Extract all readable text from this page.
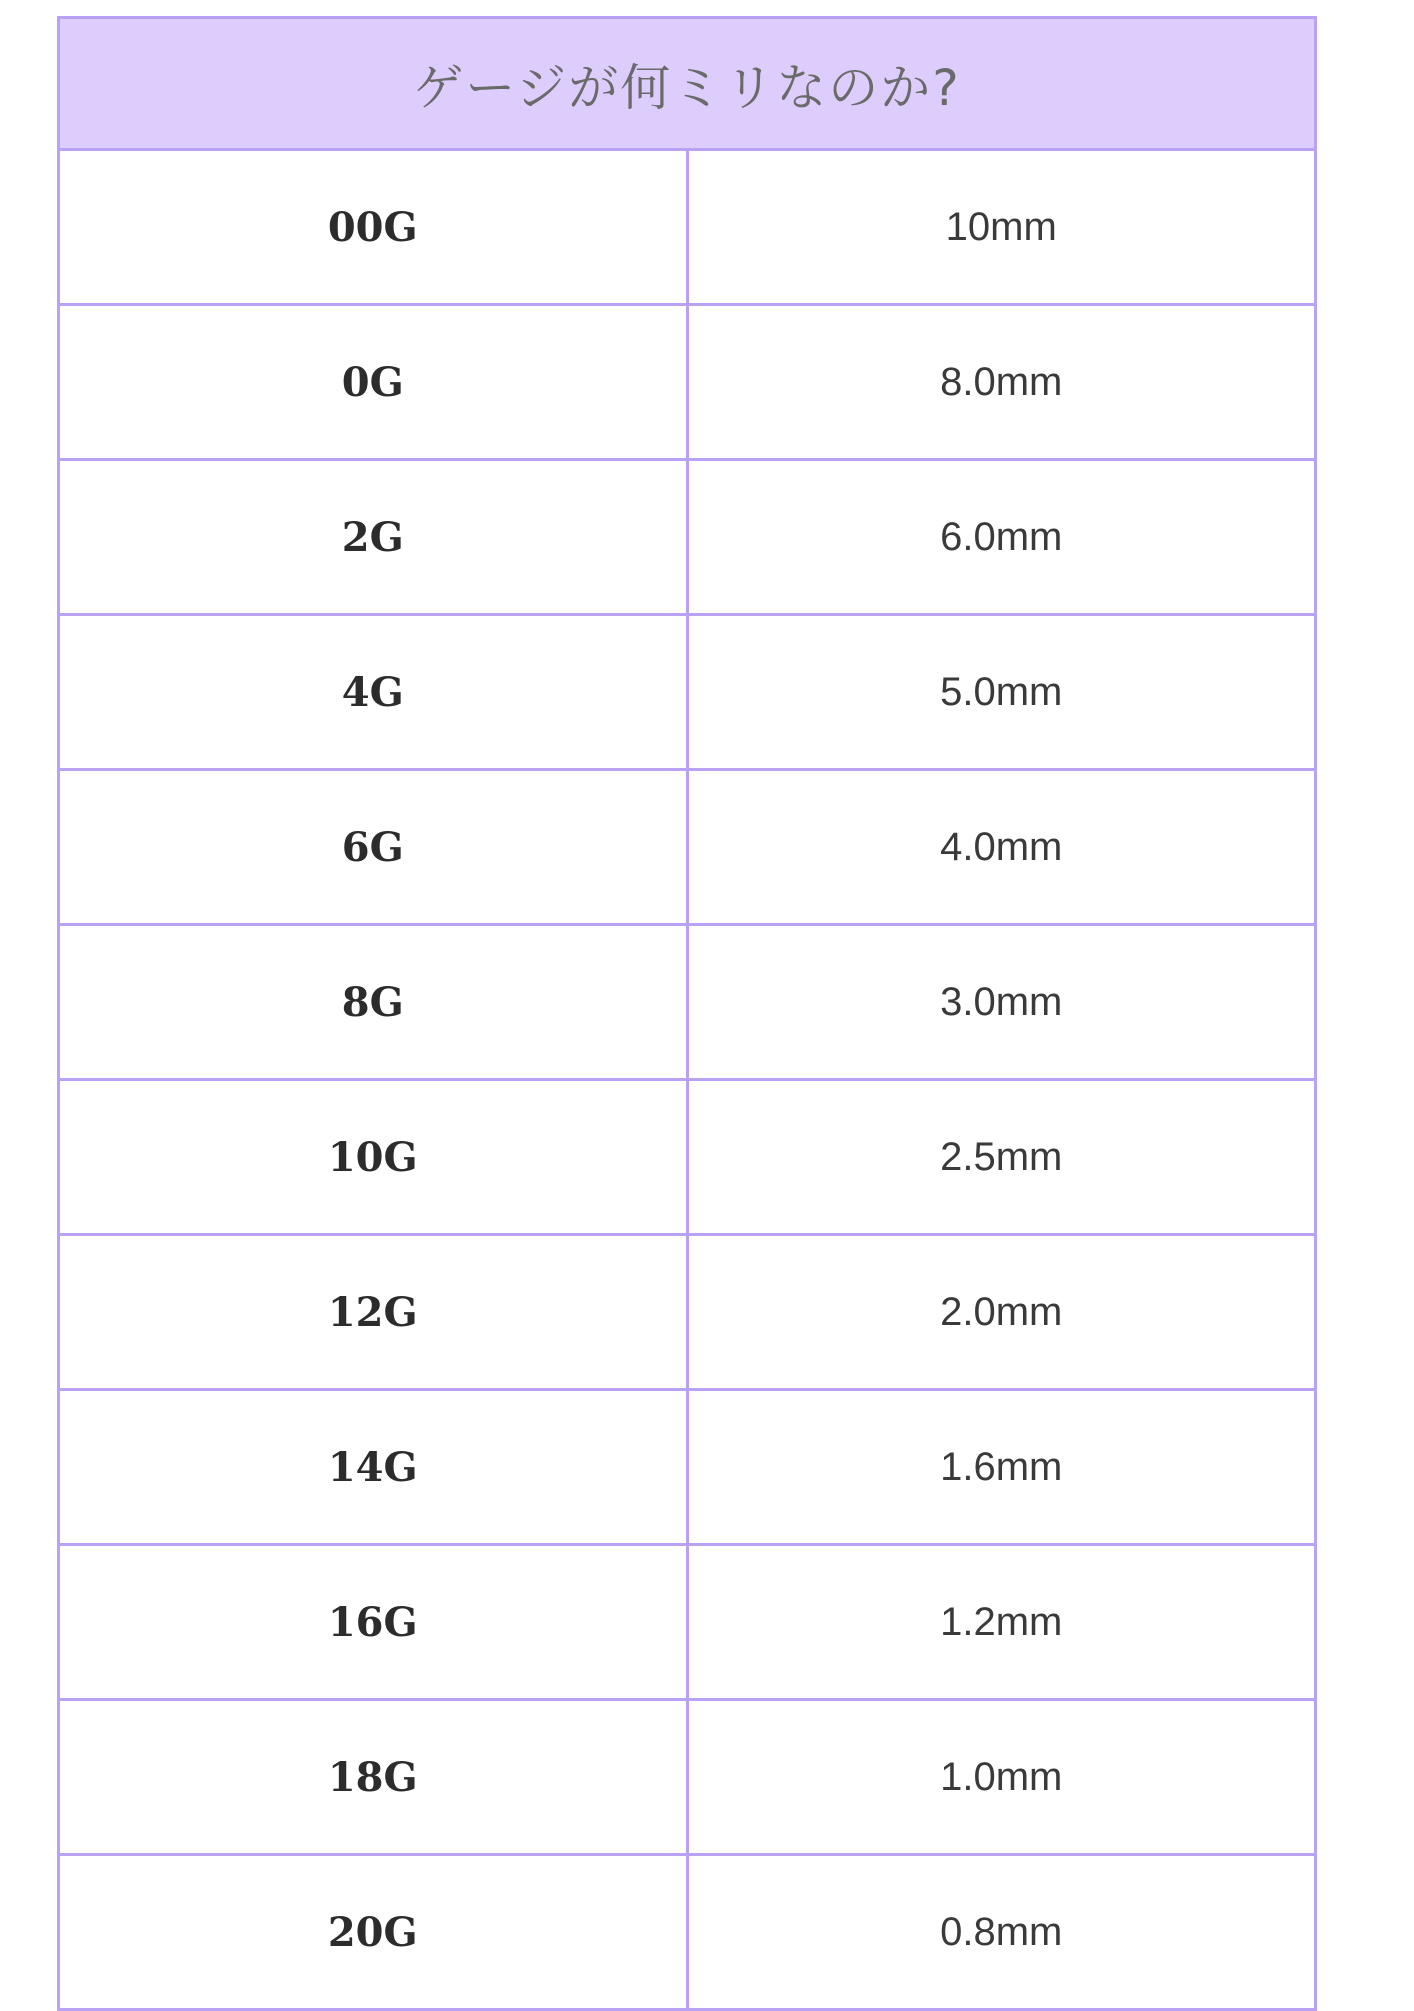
ゲージが何ミリなのか?	
00G	10mm
0G	8.0mm
2G	6.0mm
4G	5.0mm
6G	4.0mm
8G	3.0mm
10G	2.5mm
12G	2.0mm
14G	1.6mm
16G	1.2mm
18G	1.0mm
20G	0.8mm
